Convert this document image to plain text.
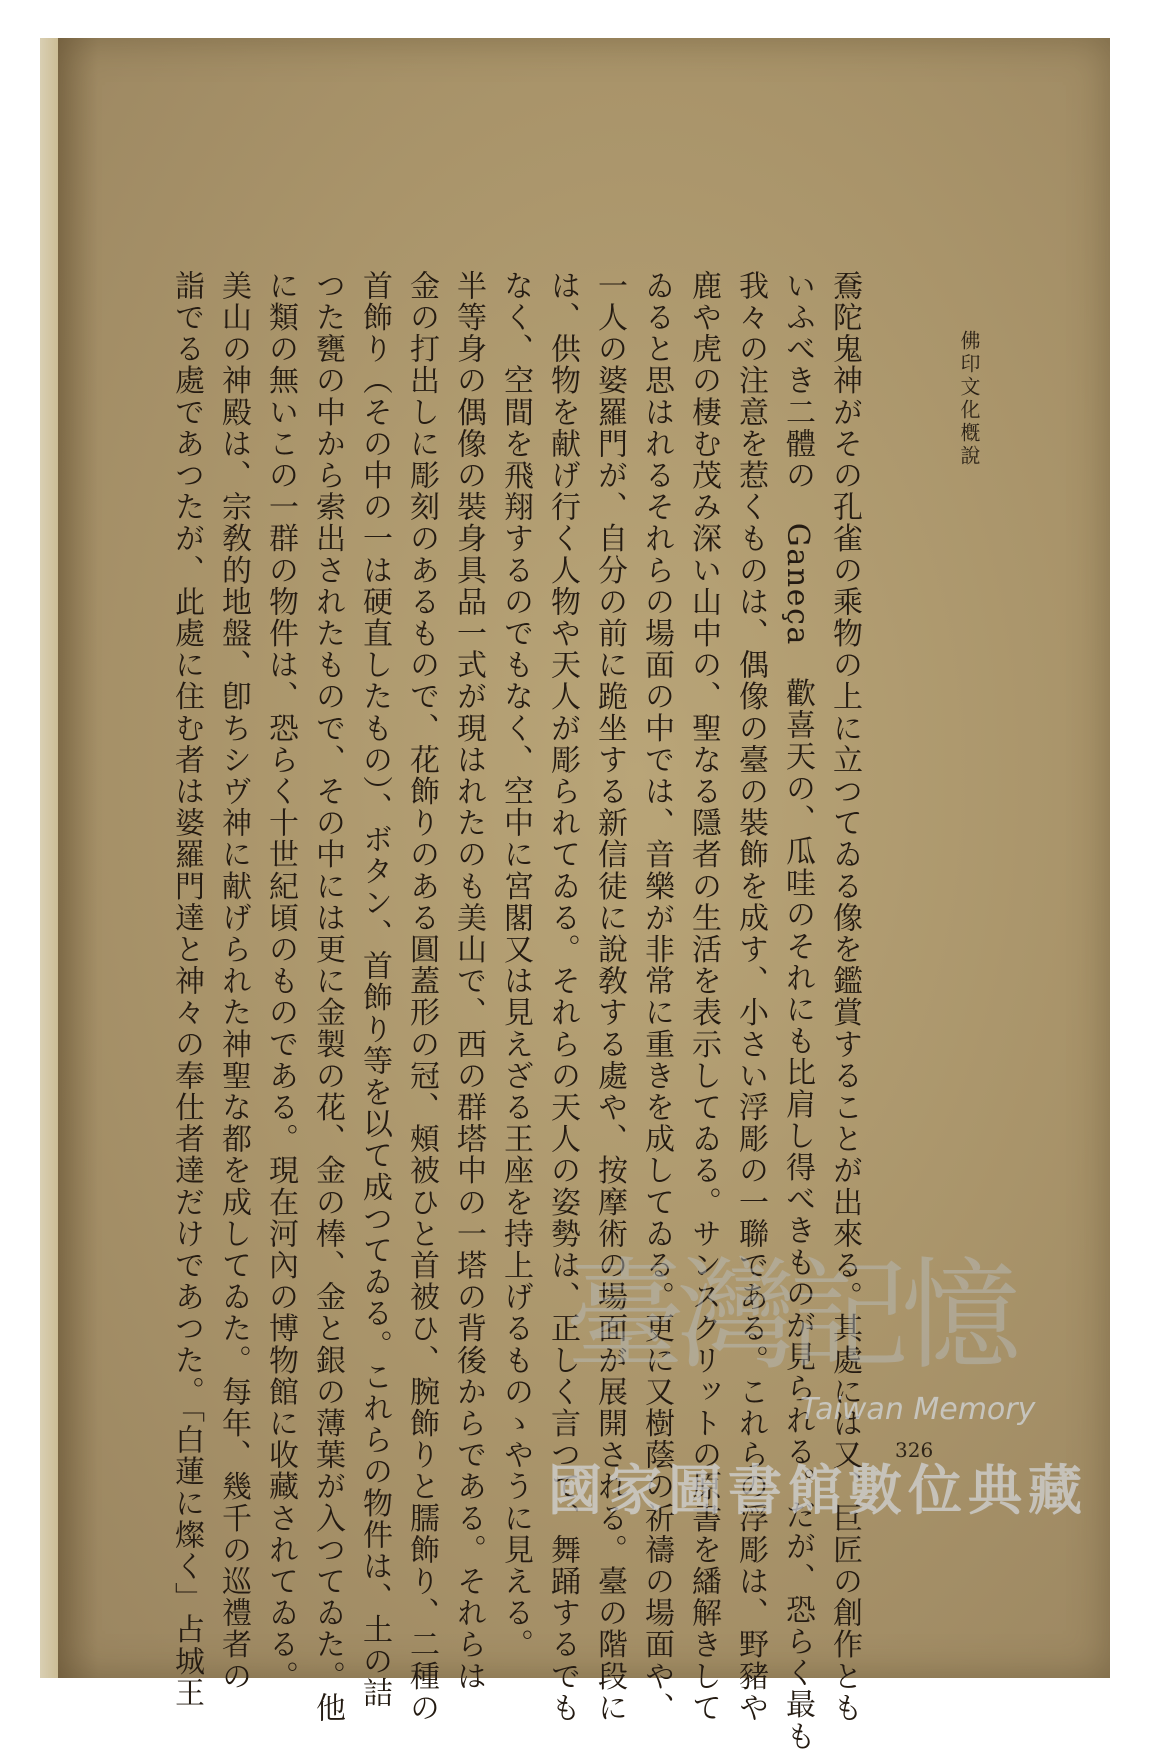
佛印文化槪說
鴌陀鬼神がその孔雀の乘物の上に立つてゐる像を鑑賞することが出來る。其處には又、巨匠の創作とも
いふべき二體の　Ganeça　歡喜天の、瓜哇のそれにも比肩し得べきものが見られる。だが、恐らく最も
我々の注意を惹くものは、偶像の臺の裝飾を成す、小さい浮彫の一聯である。これらの浮彫は、野豬や
鹿や虎の棲む茂み深い山中の、聖なる隱者の生活を表示してゐる。サンスクリットの原書を繙解きして
ゐると思はれるそれらの場面の中では、音樂が非常に重きを成してゐる。更に又樹蔭の祈禱の場面や、
一人の婆羅門が、自分の前に跪坐する新信徒に說敎する處や、按摩術の場面が展開される。臺の階段に
は、供物を献げ行く人物や天人が彫られてゐる。それらの天人の姿勢は、正しく言つて、舞踊するでも
なく、空間を飛翔するのでもなく、空中に宮閣又は見えざる王座を持上げるものゝやうに見える。
半等身の偶像の裝身具品一式が現はれたのも美山で、西の群塔中の一塔の背後からである。それらは
金の打出しに彫刻のあるもので、花飾りのある圓蓋形の冠、頰被ひと首被ひ、腕飾りと臑飾り、二種の
首飾り（その中の一は硬直したもの）、ボタン、首飾り等を以て成つてゐる。これらの物件は、土の詰
つた甕の中から索出されたもので、その中には更に金製の花、金の棒、金と銀の薄葉が入つてゐた。他
に類の無いこの一群の物件は、恐らく十世紀頃のものである。現在河內の博物館に收藏されてゐる。
美山の神殿は、宗敎的地盤、卽ちシヴ神に献げられた神聖な都を成してゐた。每年、幾千の巡禮者の
詣でる處であつたが、此處に住む者は婆羅門達と神々の奉仕者達だけであつた。「白蓮に燦く」占城王	326
臺灣記憶
Taiwan Memory
國家圖書館數位典藏
